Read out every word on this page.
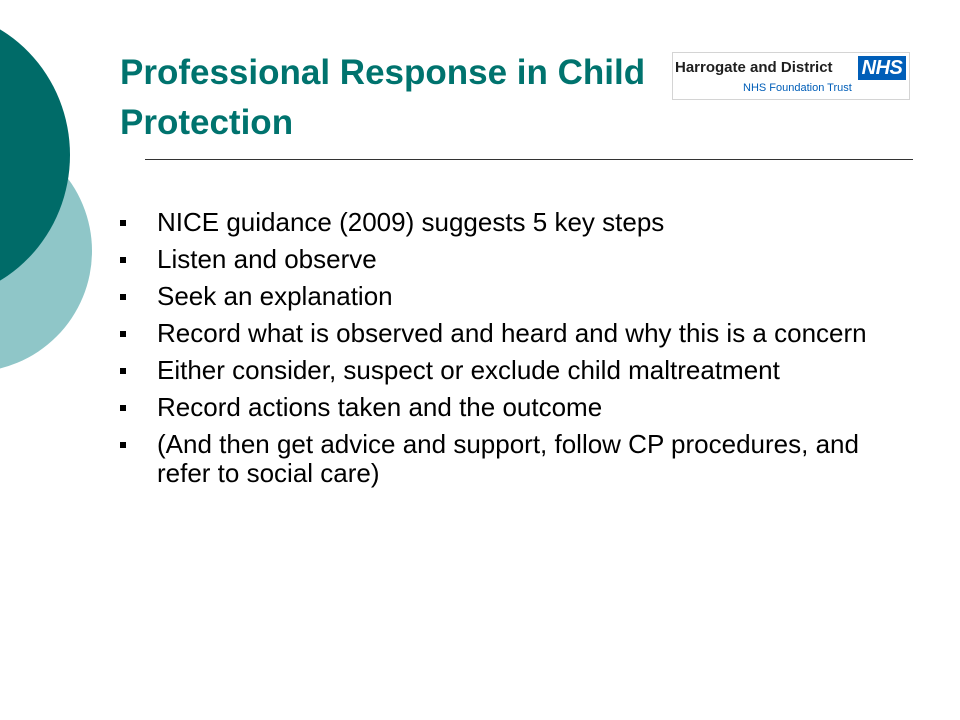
Professional Response in Child Protection
Harrogate and District NHS
NHS Foundation Trust
NICE guidance (2009) suggests 5 key steps
Listen and observe
Seek an explanation
Record what is observed and heard and why this is a concern
Either consider, suspect or exclude child maltreatment
Record actions taken and the outcome
(And then get advice and support, follow CP procedures, and refer to social care)
